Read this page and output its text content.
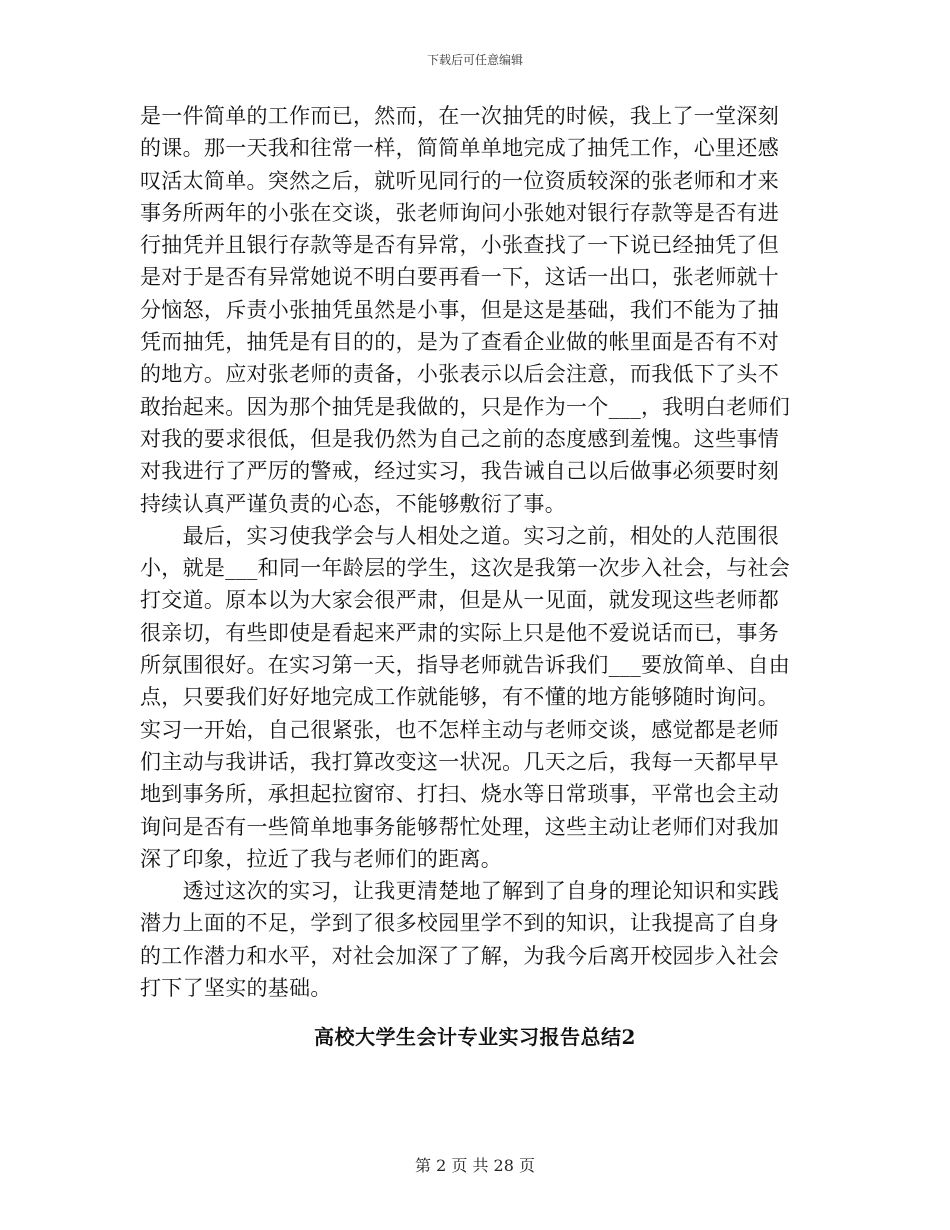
下载后可任意编辑
是一件简单的工作而已，然而，在一次抽凭的时候，我上了一堂深刻
的课。那一天我和往常一样，简简单单地完成了抽凭工作，心里还感
叹活太简单。突然之后，就听见同行的一位资质较深的张老师和才来
事务所两年的小张在交谈，张老师询问小张她对银行存款等是否有进
行抽凭并且银行存款等是否有异常，小张查找了一下说已经抽凭了但
是对于是否有异常她说不明白要再看一下，这话一出口，张老师就十
分恼怒，斥责小张抽凭虽然是小事，但是这是基础，我们不能为了抽
凭而抽凭，抽凭是有目的的，是为了查看企业做的帐里面是否有不对
的地方。应对张老师的责备，小张表示以后会注意，而我低下了头不
敢抬起来。因为那个抽凭是我做的，只是作为一个___，我明白老师们
对我的要求很低，但是我仍然为自己之前的态度感到羞愧。这些事情
对我进行了严厉的警戒，经过实习，我告诫自己以后做事必须要时刻
持续认真严谨负责的心态，不能够敷衍了事。
　　最后，实习使我学会与人相处之道。实习之前，相处的人范围很
小，就是___和同一年龄层的学生，这次是我第一次步入社会，与社会
打交道。原本以为大家会很严肃，但是从一见面，就发现这些老师都
很亲切，有些即使是看起来严肃的实际上只是他不爱说话而已，事务
所氛围很好。在实习第一天，指导老师就告诉我们___要放简单、自由
点，只要我们好好地完成工作就能够，有不懂的地方能够随时询问。
实习一开始，自己很紧张，也不怎样主动与老师交谈，感觉都是老师
们主动与我讲话，我打算改变这一状况。几天之后，我每一天都早早
地到事务所，承担起拉窗帘、打扫、烧水等日常琐事，平常也会主动
询问是否有一些简单地事务能够帮忙处理，这些主动让老师们对我加
深了印象，拉近了我与老师们的距离。
　　透过这次的实习，让我更清楚地了解到了自身的理论知识和实践
潜力上面的不足，学到了很多校园里学不到的知识，让我提高了自身
的工作潜力和水平，对社会加深了了解，为我今后离开校园步入社会
打下了坚实的基础。
高校大学生会计专业实习报告总结2
第 2 页 共 28 页
